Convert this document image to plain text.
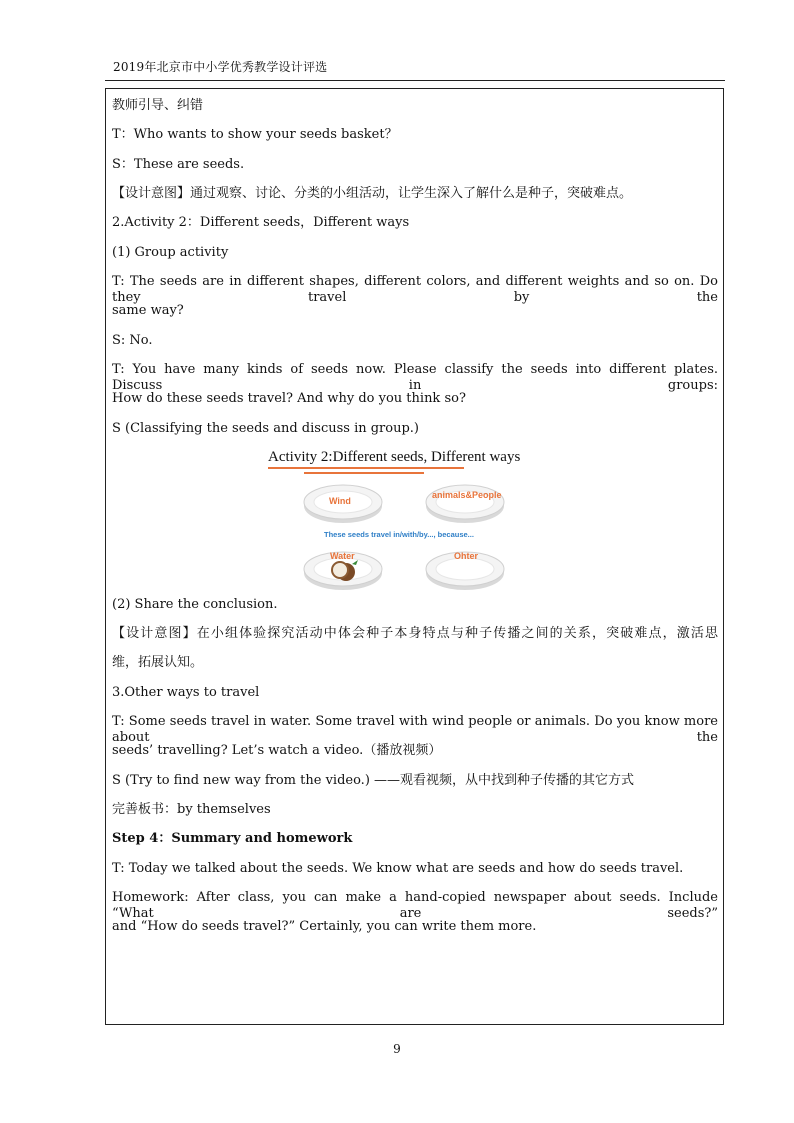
2019年北京市中小学优秀教学设计评选
教师引导、纠错
T：Who wants to show your seeds basket？
S：These are seeds.
【设计意图】通过观察、讨论、分类的小组活动，让学生深入了解什么是种子，突破难点。
2.Activity 2：Different seeds，Different ways
(1) Group activity
T: The seeds are in different shapes, different colors, and different weights and so on. Do they travel by the
same way?
S: No.
T: You have many kinds of seeds now. Please classify the seeds into different plates. Discuss in groups:
How do these seeds travel? And why do you think so?
S (Classifying the seeds and discuss in group.)
Activity 2:Different seeds, Different ways
Wind
animals&People
These seeds travel in/with/by..., because...
Water	Ohter
(2) Share the conclusion.
【设计意图】在小组体验探究活动中体会种子本身特点与种子传播之间的关系，突破难点，激活思
维，拓展认知。
3.Other ways to travel
T: Some seeds travel in water. Some travel with wind people or animals. Do you know more about the
seeds’ travelling? Let’s watch a video.（播放视频）
S (Try to find new way from the video.) ——观看视频，从中找到种子传播的其它方式
完善板书：by themselves
Step 4：Summary and homework
T: Today we talked about the seeds. We know what are seeds and how do seeds travel.
Homework: After class, you can make a hand-copied newspaper about seeds. Include “What are seeds?”
and “How do seeds travel?” Certainly, you can write them more.
9
